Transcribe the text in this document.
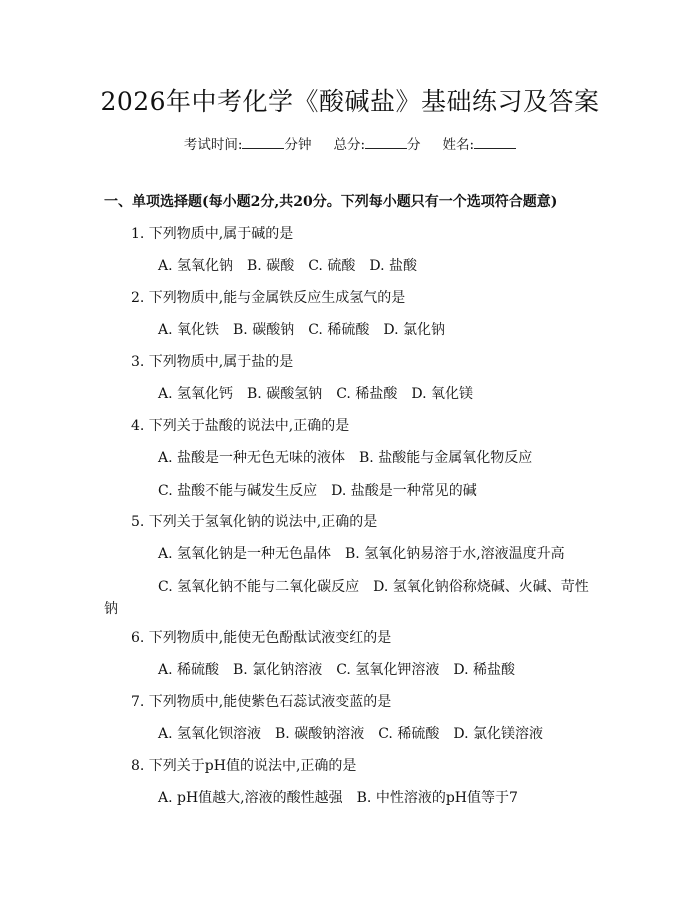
2026年中考化学《酸碱盐》基础练习及答案
考试时间:	分钟 总分:	分 姓名:
一、单项选择题(每小题2分,共20分。下列每小题只有一个选项符合题意)
1. 下列物质中,属于碱的是
A. 氢氧化钠 B. 碳酸 C. 硫酸 D. 盐酸
2. 下列物质中,能与金属铁反应生成氢气的是
A. 氧化铁 B. 碳酸钠 C. 稀硫酸 D. 氯化钠
3. 下列物质中,属于盐的是
A. 氢氧化钙 B. 碳酸氢钠 C. 稀盐酸 D. 氧化镁
4. 下列关于盐酸的说法中,正确的是
A. 盐酸是一种无色无味的液体 B. 盐酸能与金属氧化物反应
C. 盐酸不能与碱发生反应 D. 盐酸是一种常见的碱
5. 下列关于氢氧化钠的说法中,正确的是
A. 氢氧化钠是一种无色晶体 B. 氢氧化钠易溶于水,溶液温度升高
C. 氢氧化钠不能与二氧化碳反应 D. 氢氧化钠俗称烧碱、火碱、苛性
钠
6. 下列物质中,能使无色酚酞试液变红的是
A. 稀硫酸 B. 氯化钠溶液 C. 氢氧化钾溶液 D. 稀盐酸
7. 下列物质中,能使紫色石蕊试液变蓝的是
A. 氢氧化钡溶液 B. 碳酸钠溶液 C. 稀硫酸 D. 氯化镁溶液
8. 下列关于pH值的说法中,正确的是
A. pH值越大,溶液的酸性越强 B. 中性溶液的pH值等于7
